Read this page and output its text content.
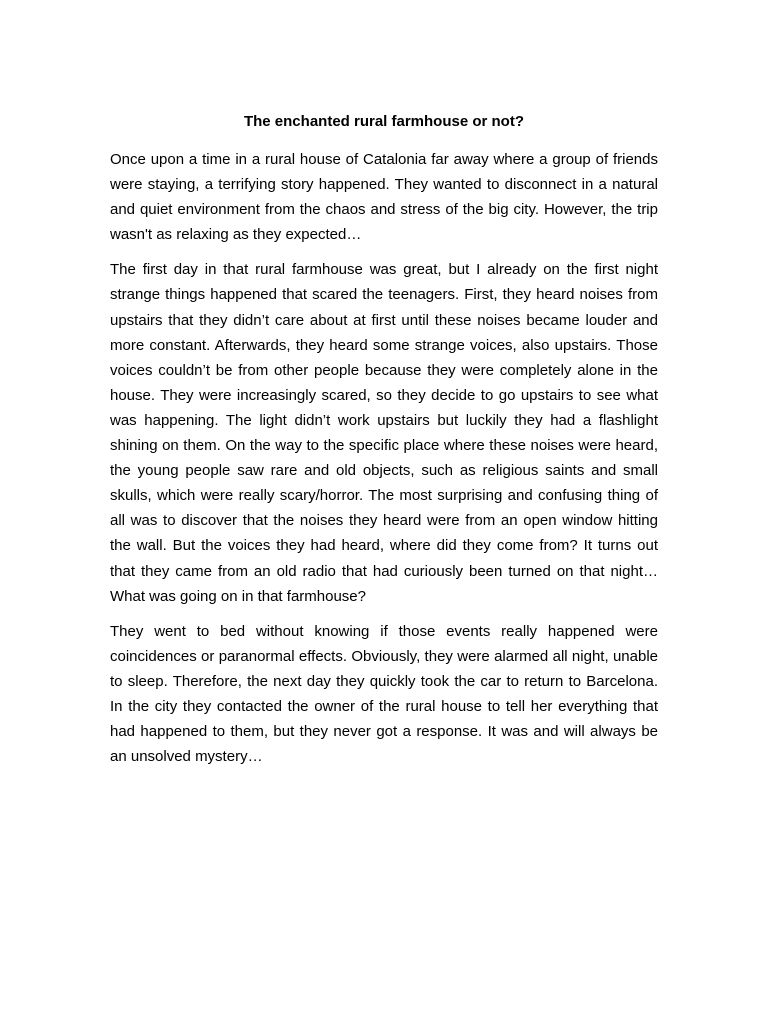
The enchanted rural farmhouse or not?

Once upon a time in a rural house of Catalonia far away where a group of friends were staying, a terrifying story happened. They wanted to disconnect in a natural and quiet environment from the chaos and stress of the big city. However, the trip wasn't as relaxing as they expected…

The first day in that rural farmhouse was great, but I already on the first night strange things happened that scared the teenagers. First, they heard noises from upstairs that they didn’t care about at first until these noises became louder and more constant. Afterwards, they heard some strange voices, also upstairs. Those voices couldn’t be from other people because they were completely alone in the house. They were increasingly scared, so they decide to go upstairs to see what was happening. The light didn’t work upstairs but luckily they had a flashlight shining on them. On the way to the specific place where these noises were heard, the young people saw rare and old objects, such as religious saints and small skulls, which were really scary/horror. The most surprising and confusing thing of all was to discover that the noises they heard were from an open window hitting the wall. But the voices they had heard, where did they come from? It turns out that they came from an old radio that had curiously been turned on that night…What was going on in that farmhouse?

They went to bed without knowing if those events really happened were coincidences or paranormal effects. Obviously, they were alarmed all night, unable to sleep. Therefore, the next day they quickly took the car to return to Barcelona. In the city they contacted the owner of the rural house to tell her everything that had happened to them, but they never got a response. It was and will always be an unsolved mystery…
